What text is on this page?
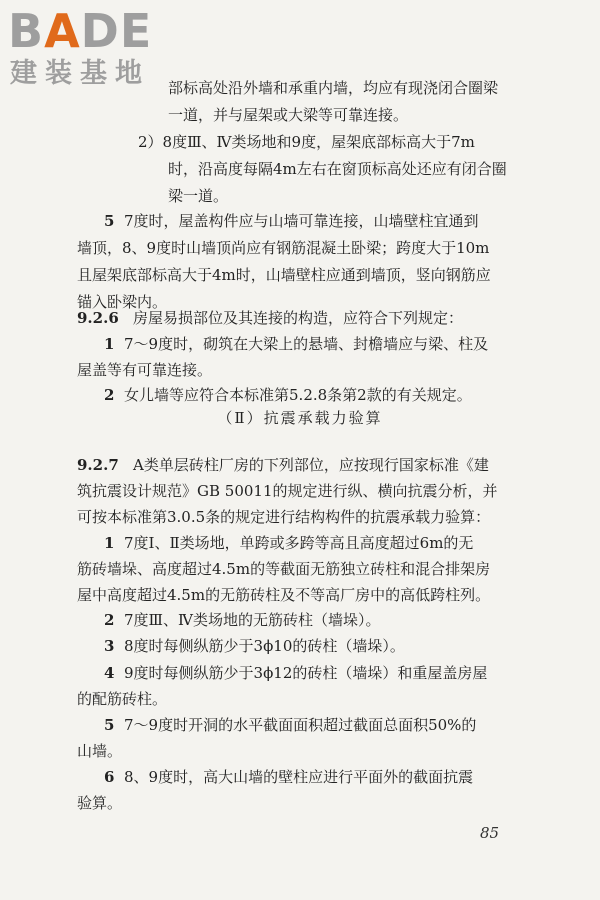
BADE
建装基地 部标高处沿外墙和承重内墙，均应有现浇闭合圈梁
一道，并与屋架或大梁等可靠连接。
2）8度Ⅲ、Ⅳ类场地和9度，屋架底部标高大于7m
时，沿高度每隔4m左右在窗顶标高处还应有闭合圈
梁一道。
5 7度时，屋盖构件应与山墙可靠连接，山墙壁柱宜通到
墙顶，8、9度时山墙顶尚应有钢筋混凝土卧梁；跨度大于10m
且屋架底部标高大于4m时，山墙壁柱应通到墙顶，竖向钢筋应
锚入卧梁内。
9.2.6 房屋易损部位及其连接的构造，应符合下列规定：
1 7～9度时，砌筑在大梁上的悬墙、封檐墙应与梁、柱及
屋盖等有可靠连接。
2 女儿墙等应符合本标准第5.2.8条第2款的有关规定。
（Ⅱ）抗震承载力验算
9.2.7 A类单层砖柱厂房的下列部位，应按现行国家标准《建
筑抗震设计规范》GB 50011的规定进行纵、横向抗震分析，并
可按本标准第3.0.5条的规定进行结构构件的抗震承载力验算：
1 7度Ⅰ、Ⅱ类场地，单跨或多跨等高且高度超过6m的无
筋砖墙垛、高度超过4.5m的等截面无筋独立砖柱和混合排架房
屋中高度超过4.5m的无筋砖柱及不等高厂房中的高低跨柱列。
2 7度Ⅲ、Ⅳ类场地的无筋砖柱（墙垛）。
3 8度时每侧纵筋少于3ϕ10的砖柱（墙垛）。
4 9度时每侧纵筋少于3ϕ12的砖柱（墙垛）和重屋盖房屋
的配筋砖柱。
5 7～9度时开洞的水平截面面积超过截面总面积50%的
山墙。
6 8、9度时，高大山墙的壁柱应进行平面外的截面抗震
验算。
85
